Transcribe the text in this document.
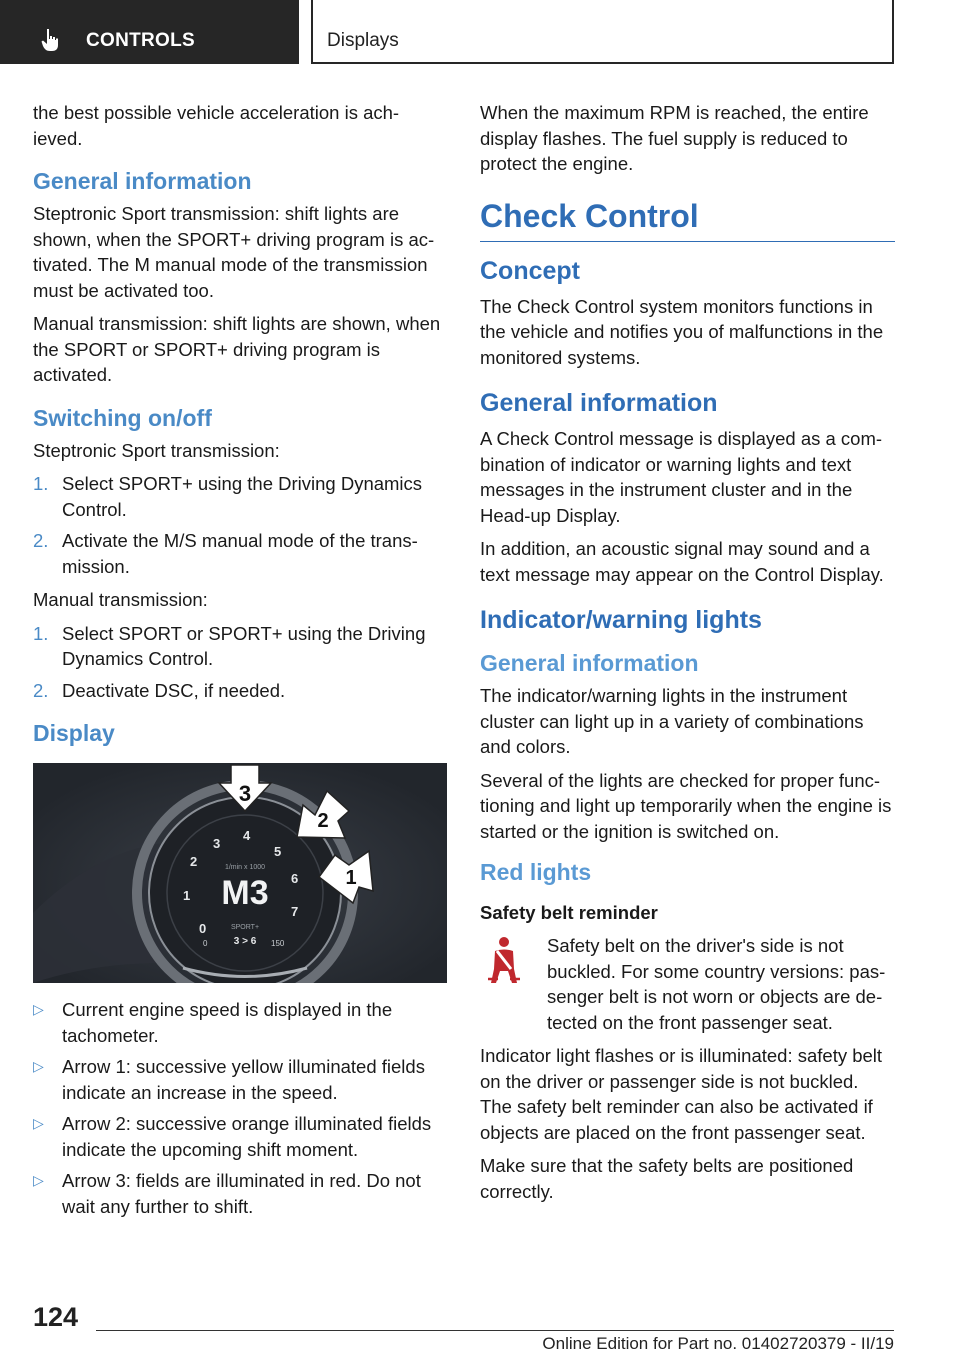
CONTROLS	Displays

the best possible vehicle acceleration is ach-ieved.

General information

Steptronic Sport transmission: shift lights are shown, when the SPORT+ driving program is ac-tivated. The M manual mode of the transmission must be activated too.

Manual transmission: shift lights are shown, when the SPORT or SPORT+ driving program is activated.

Switching on/off

Steptronic Sport transmission:

1. Select SPORT+ using the Driving Dynamics Control.
2. Activate the M/S manual mode of the trans-mission.

Manual transmission:

1. Select SPORT or SPORT+ using the Driving Dynamics Control.
2. Deactivate DSC, if needed.
Display
0
1
2
3
4
5
6
7
1/min x 1000
M3
SPORT+
3 > 6
0	150
3
2
1
▷ Current engine speed is displayed in the tachometer.
▷ Arrow 1: successive yellow illuminated fields indicate an increase in the speed.
▷ Arrow 2: successive orange illuminated fields indicate the upcoming shift moment.
▷ Arrow 3: fields are illuminated in red. Do not wait any further to shift.

When the maximum RPM is reached, the entire display flashes. The fuel supply is reduced to protect the engine.

Check Control
Concept

The Check Control system monitors functions in the vehicle and notifies you of malfunctions in the monitored systems.

General information

A Check Control message is displayed as a com-bination of indicator or warning lights and text messages in the instrument cluster and in the Head-up Display.

In addition, an acoustic signal may sound and a text message may appear on the Control Display.

Indicator/warning lights
General information

The indicator/warning lights in the instrument cluster can light up in a variety of combinations and colors.

Several of the lights are checked for proper func-tioning and light up temporarily when the engine is started or the ignition is switched on.

Red lights
Safety belt reminder

Safety belt on the driver's side is not buckled. For some country versions: pas-senger belt is not worn or objects are de-tected on the front passenger seat.

Indicator light flashes or is illuminated: safety belt on the driver or passenger side is not buckled. The safety belt reminder can also be activated if objects are placed on the front passenger seat.

Make sure that the safety belts are positioned correctly.

124
Online Edition for Part no. 01402720379 - II/19
